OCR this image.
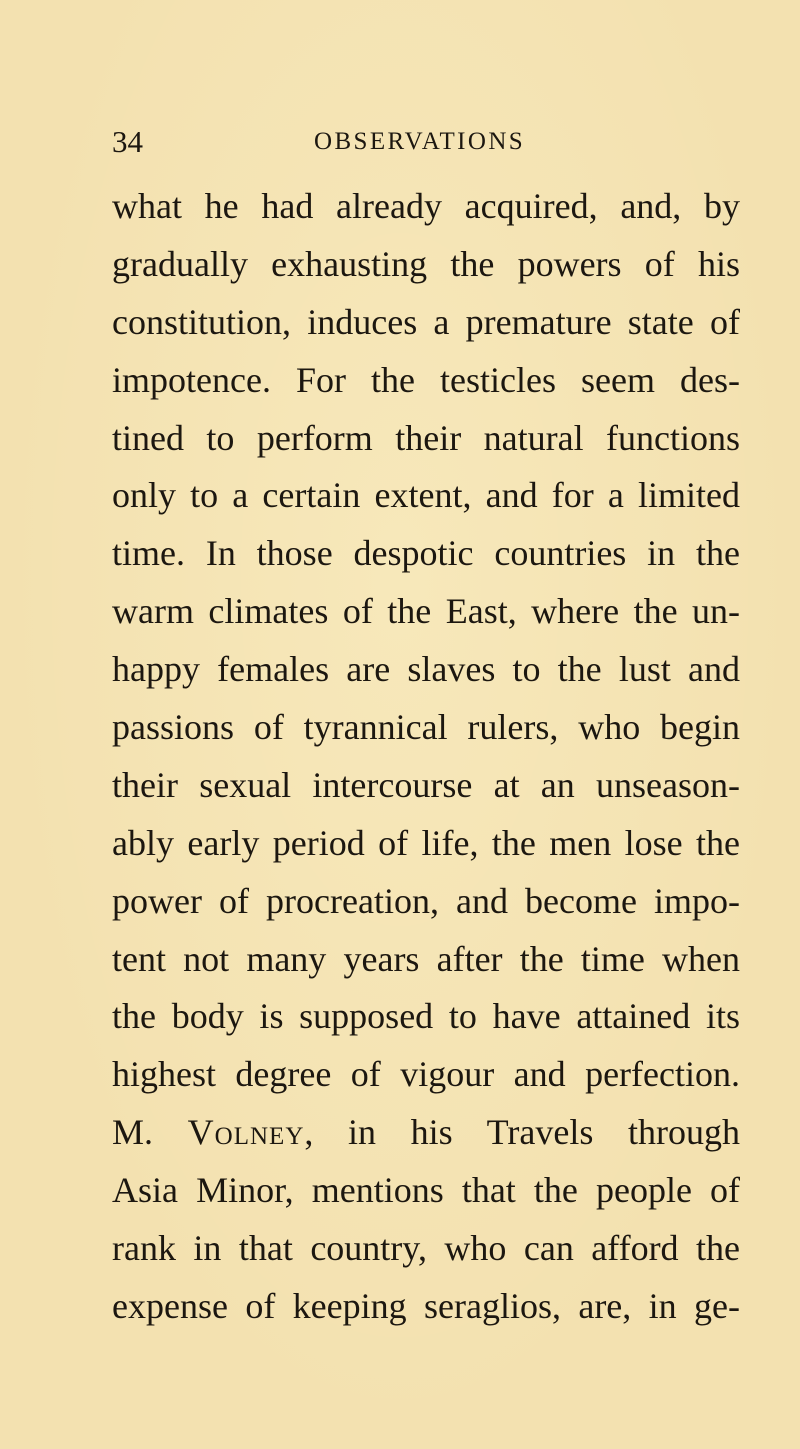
34	OBSERVATIONS
what he had already acquired, and, by
gradually exhausting the powers of his
constitution, induces a premature state of
impotence. For the testicles seem des-
tined to perform their natural functions
only to a certain extent, and for a limited
time. In those despotic countries in the
warm climates of the East, where the un-
happy females are slaves to the lust and
passions of tyrannical rulers, who begin
their sexual intercourse at an unseason-
ably early period of life, the men lose the
power of procreation, and become impo-
tent not many years after the time when
the body is supposed to have attained its
highest degree of vigour and perfection.
M. Volney, in his Travels through
Asia Minor, mentions that the people of
rank in that country, who can afford the
expense of keeping seraglios, are, in ge-
